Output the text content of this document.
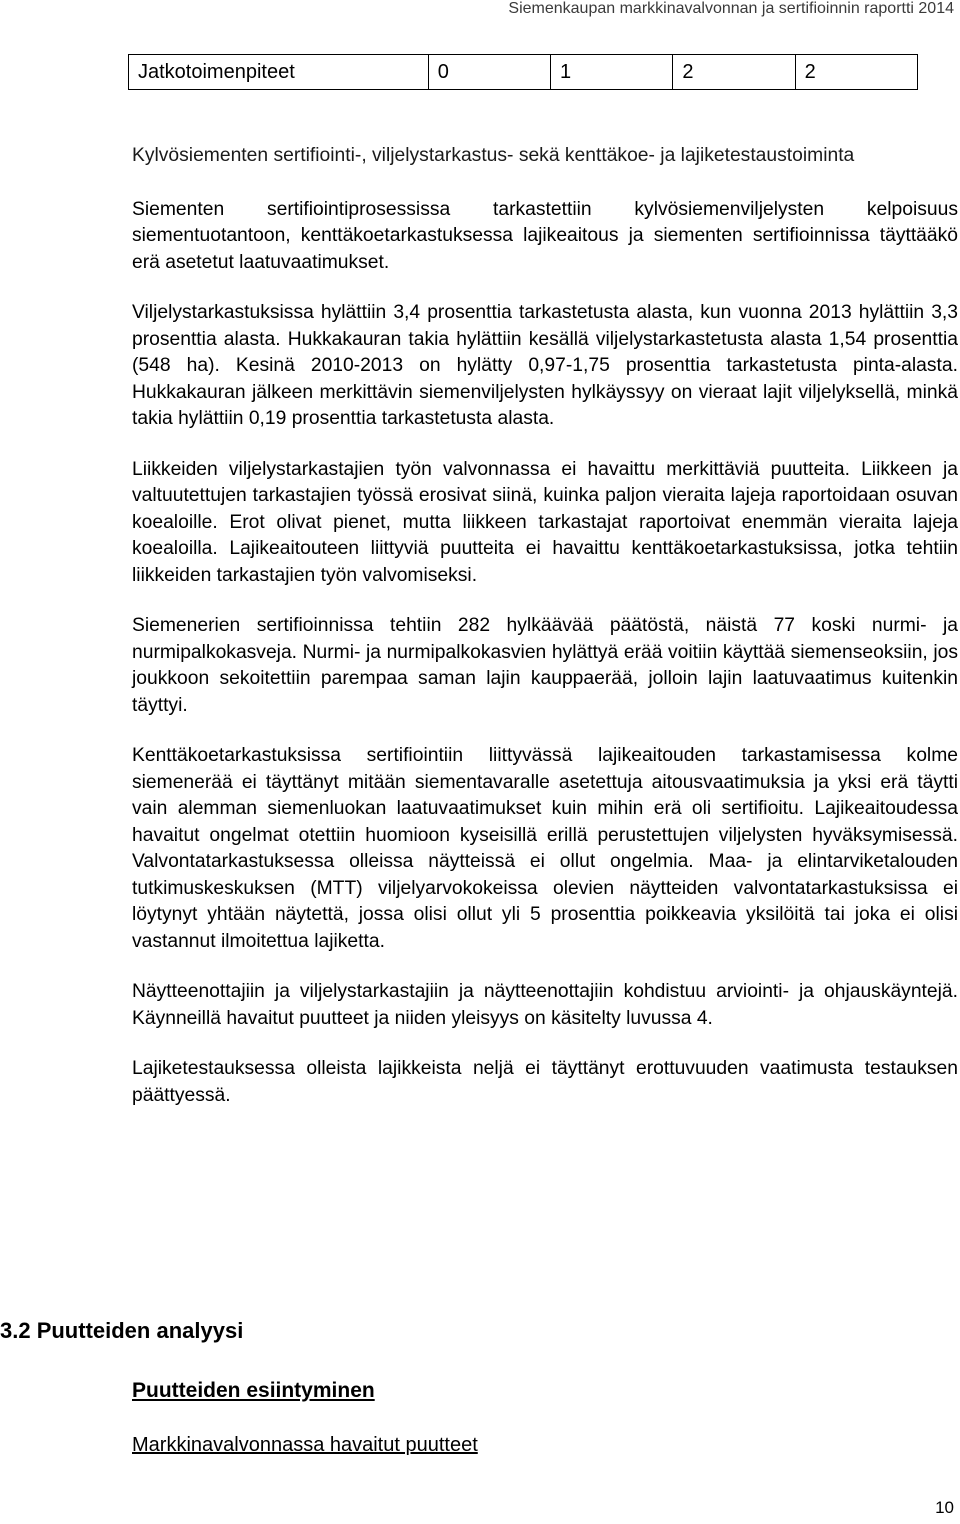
Siemenkaupan markkinavalvonnan ja sertifioinnin raportti 2014
Jatkotoimenpiteet	0	1	2	2

Kylvösiementen sertifiointi-, viljelystarkastus- sekä kenttäkoe- ja lajiketestaustoiminta

Siementen sertifiointiprosessissa tarkastettiin kylvösiemenviljelysten kelpoisuus siementuotantoon, kenttäkoetarkastuksessa lajikeaitous ja siementen sertifioinnissa täyttääkö erä asetetut laatuvaatimukset.

Viljelystarkastuksissa hylättiin 3,4 prosenttia tarkastetusta alasta, kun vuonna 2013 hylättiin 3,3 prosenttia alasta. Hukkakauran takia hylättiin kesällä viljelystarkastetusta alasta 1,54 prosenttia (548 ha). Kesinä 2010-2013 on hylätty 0,97-1,75 prosenttia tarkastetusta pinta-alasta. Hukkakauran jälkeen merkittävin siemenviljelysten hylkäyssyy on vieraat lajit viljelyksellä, minkä takia hylättiin 0,19 prosenttia tarkastetusta alasta.

Liikkeiden viljelystarkastajien työn valvonnassa ei havaittu merkittäviä puutteita. Liikkeen ja valtuutettujen tarkastajien työssä erosivat siinä, kuinka paljon vieraita lajeja raportoidaan osuvan koealoille. Erot olivat pienet, mutta liikkeen tarkastajat raportoivat enemmän vieraita lajeja koealoilla. Lajikeaitouteen liittyviä puutteita ei havaittu kenttäkoetarkastuksissa, jotka tehtiin liikkeiden tarkastajien työn valvomiseksi.

Siemenerien sertifioinnissa tehtiin 282 hylkäävää päätöstä, näistä 77 koski nurmi- ja nurmipalkokasveja. Nurmi- ja nurmipalkokasvien hylättyä erää voitiin käyttää siemenseoksiin, jos joukkoon sekoitettiin parempaa saman lajin kauppaerää, jolloin lajin laatuvaatimus kuitenkin täyttyi.

Kenttäkoetarkastuksissa sertifiointiin liittyvässä lajikeaitouden tarkastamisessa kolme siemenerää ei täyttänyt mitään siementavaralle asetettuja aitousvaatimuksia ja yksi erä täytti vain alemman siemenluokan laatuvaatimukset kuin mihin erä oli sertifioitu. Lajikeaitoudessa havaitut ongelmat otettiin huomioon kyseisillä erillä perustettujen viljelysten hyväksymisessä. Valvontatarkastuksessa olleissa näytteissä ei ollut ongelmia. Maa- ja elintarviketalouden tutkimuskeskuksen (MTT) viljelyarvokokeissa olevien näytteiden valvontatarkastuksissa ei löytynyt yhtään näytettä, jossa olisi ollut yli 5 prosenttia poikkeavia yksilöitä tai joka ei olisi vastannut ilmoitettua lajiketta.

Näytteenottajiin ja viljelystarkastajiin ja näytteenottajiin kohdistuu arviointi- ja ohjauskäyntejä. Käynneillä havaitut puutteet ja niiden yleisyys on käsitelty luvussa 4.

Lajiketestauksessa olleista lajikkeista neljä ei täyttänyt erottuvuuden vaatimusta testauksen päättyessä.

3.2 Puutteiden analyysi
Puutteiden esiintyminen
Markkinavalvonnassa havaitut puutteet
10
